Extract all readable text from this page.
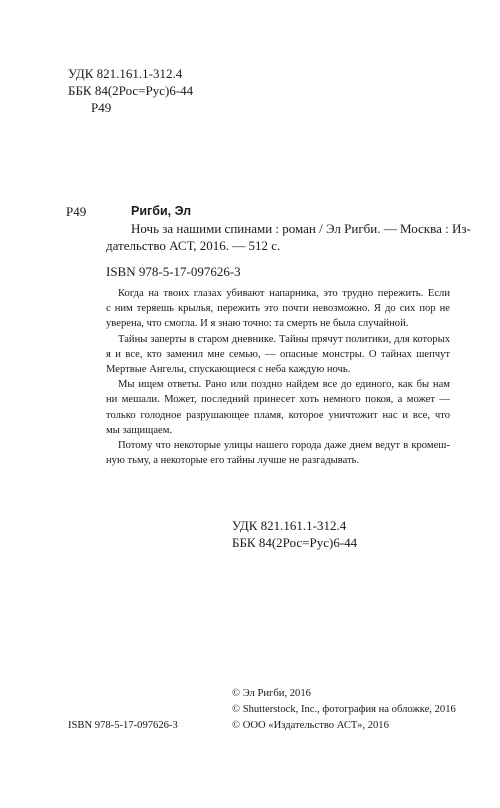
УДК 821.161.1-312.4
ББК 84(2Рос=Рус)6-44
Р49
Р49	Ригби, Эл
Ночь за нашими спинами : роман / Эл Ригби. — Москва : Из-
дательство АСТ, 2016. — 512 с.
ISBN 978-5-17-097626-3
Когда на твоих глазах убивают напарника, это трудно пережить. Если
с ним теряешь крылья, пережить это почти невозможно. Я до сих пор не
уверена, что смогла. И я знаю точно: та смерть не была случайной.
Тайны заперты в старом дневнике. Тайны прячут политики, для которых
я и все, кто заменил мне семью, — опасные монстры. О тайнах шепчут
Мертвые Ангелы, спускающиеся с неба каждую ночь.
Мы ищем ответы. Рано или поздно найдем все до единого, как бы нам
ни мешали. Может, последний принесет хоть немного покоя, а может —
только голодное разрушающее пламя, которое уничтожит нас и все, что
мы защищаем.
Потому что некоторые улицы нашего города даже днем ведут в кромеш-
ную тьму, а некоторые его тайны лучше не разгадывать.
УДК 821.161.1-312.4
ББК 84(2Рос=Рус)6-44
© Эл Ригби, 2016
© Shutterstock, Inc., фотография на обложке, 2016
ISBN 978-5-17-097626-3	© ООО «Издательство АСТ», 2016
